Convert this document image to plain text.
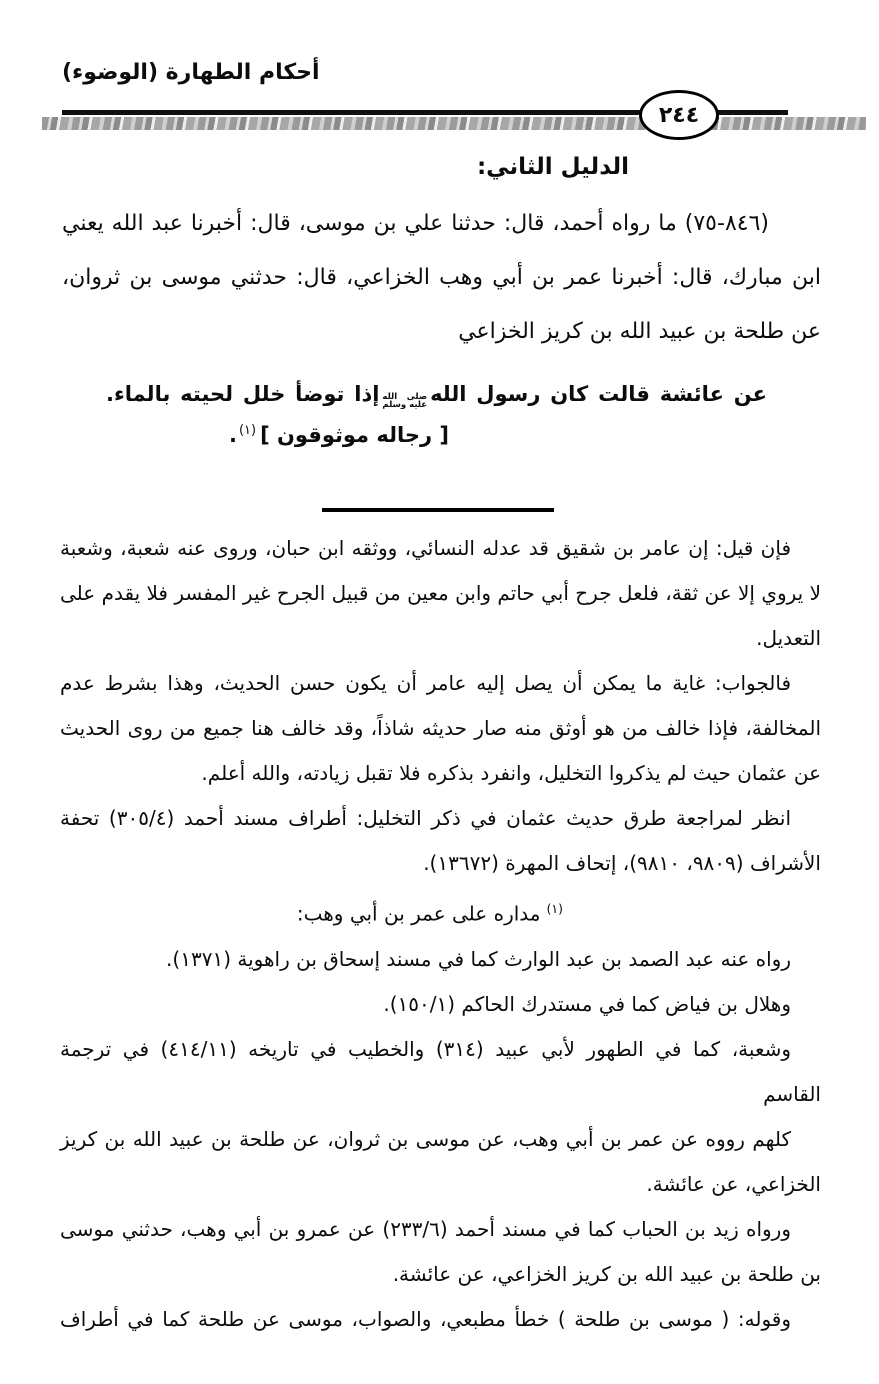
أحكام الطهارة (الوضوء)
٢٤٤
الدليل الثاني:

(٨٤٦-٧٥) ما رواه أحمد، قال: حدثنا علي بن موسى، قال: أخبرنا عبد الله يعني ابن مبارك، قال: أخبرنا عمر بن أبي وهب الخزاعي، قال: حدثني موسى بن ثروان، عن طلحة بن عبيد الله بن كريز الخزاعي

عن عائشة قالت كان رسول اللهصلى الله
عليه وسلمإذا توضأ خلل لحيته بالماء.

[ رجاله موثوقون ]$^{(١)}$.

فإن قيل: إن عامر بن شقيق قد عدله النسائي، ووثقه ابن حبان، وروى عنه شعبة، وشعبة لا يروي إلا عن ثقة، فلعل جرح أبي حاتم وابن معين من قبيل الجرح غير المفسر فلا يقدم على التعديل.

فالجواب: غاية ما يمكن أن يصل إليه عامر أن يكون حسن الحديث، وهذا بشرط عدم المخالفة، فإذا خالف من هو أوثق منه صار حديثه شاذاً، وقد خالف هنا جميع من روى الحديث عن عثمان حيث لم يذكروا التخليل، وانفرد بذكره فلا تقبل زيادته، والله أعلم.

انظر لمراجعة طرق حديث عثمان في ذكر التخليل: أطراف مسند أحمد (٣٠٥/٤) تحفة الأشراف (٩٨٠٩، ٩٨١٠)، إتحاف المهرة (١٣٦٧٢).

$^{(١)}$مداره على عمر بن أبي وهب:

رواه عنه عبد الصمد بن عبد الوارث كما في مسند إسحاق بن راهوية (١٣٧١).

وهلال بن فياض كما في مستدرك الحاكم (١٥٠/١).

وشعبة، كما في الطهور لأبي عبيد (٣١٤) والخطيب في تاريخه (٤١٤/١١) في ترجمة القاسم

كلهم رووه عن عمر بن أبي وهب، عن موسى بن ثروان، عن طلحة بن عبيد الله بن كريز الخزاعي، عن عائشة.

ورواه زيد بن الحباب كما في مسند أحمد (٢٣٣/٦) عن عمرو بن أبي وهب، حدثني موسى بن طلحة بن عبيد الله بن كريز الخزاعي، عن عائشة.

وقوله: ( موسى بن طلحة ) خطأ مطبعي، والصواب، موسى عن طلحة كما في أطراف
